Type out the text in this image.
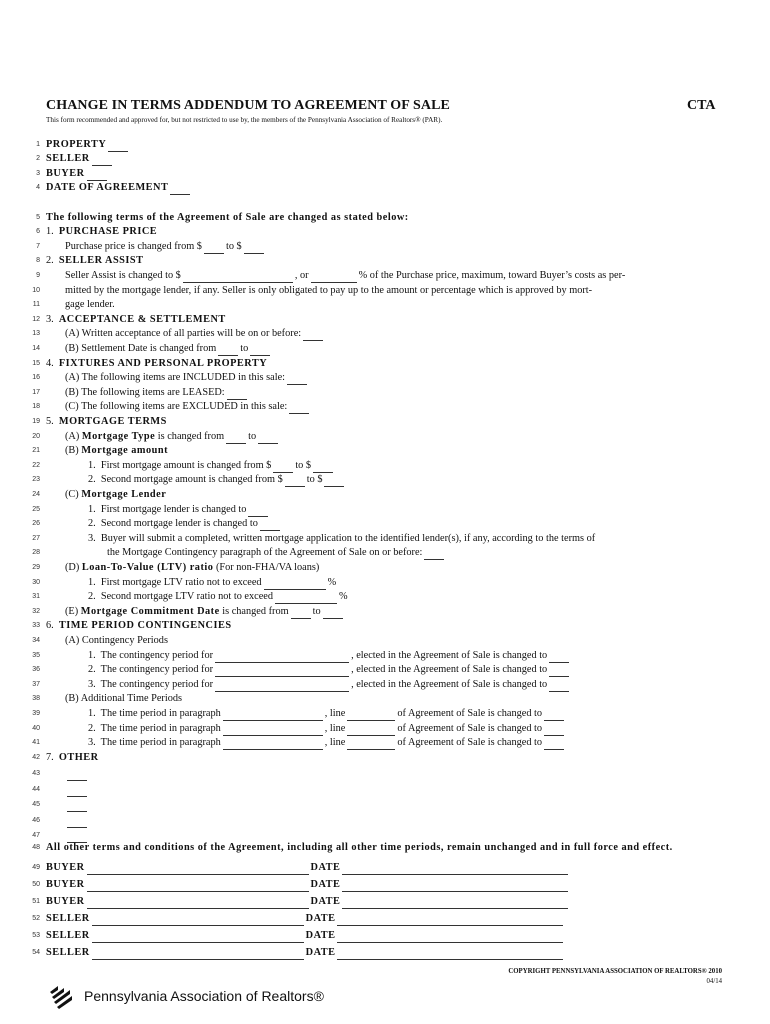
CHANGE IN TERMS ADDENDUM TO AGREEMENT OF SALE	CTA
This form recommended and approved for, but not restricted to use by, the members of the Pennsylvania Association of Realtors® (PAR).
1 PROPERTY
2 SELLER
3 BUYER
4 DATE OF AGREEMENT
5 The following terms of the Agreement of Sale are changed as stated below:
6 1. PURCHASE PRICE
7 Purchase price is changed from $ to $
8 2. SELLER ASSIST
9 Seller Assist is changed to $	, or	% of the Purchase price, maximum, toward Buyer’s costs as per-
10 mitted by the mortgage lender, if any. Seller is only obligated to pay up to the amount or percentage which is approved by mort-
11 gage lender.
12 3. ACCEPTANCE & SETTLEMENT
13 (A) Written acceptance of all parties will be on or before:
14 (B) Settlement Date is changed from to
15 4. FIXTURES AND PERSONAL PROPERTY
16 (A) The following items are INCLUDED in this sale:
17 (B) The following items are LEASED:
18 (C) The following items are EXCLUDED in this sale:
19 5. MORTGAGE TERMS
20 (A) Mortgage Type is changed from to
21 (B) Mortgage amount
22	1.  First mortgage amount is changed from $ to $
23	2.  Second mortgage amount is changed from $ to $
24 (C) Mortgage Lender
25	1.  First mortgage lender is changed to
26	2.  Second mortgage lender is changed to
27	3.  Buyer will submit a completed, written mortgage application to the identified lender(s), if any, according to the terms of
28	the Mortgage Contingency paragraph of the Agreement of Sale on or before:
29 (D) Loan-To-Value (LTV) ratio (For non-FHA/VA loans)
30	1.  First mortgage LTV ratio not to exceed	%
31	2.  Second mortgage LTV ratio not to exceed	%
32 (E) Mortgage Commitment Date is changed from to
33 6. TIME PERIOD CONTINGENCIES
34 (A) Contingency Periods
35	1.  The contingency period for	, elected in the Agreement of Sale is changed to
36	2.  The contingency period for	, elected in the Agreement of Sale is changed to
37	3.  The contingency period for	, elected in the Agreement of Sale is changed to
38 (B) Additional Time Periods
39	1.  The time period in paragraph	, line	of Agreement of Sale is changed to
40	2.  The time period in paragraph	, line	of Agreement of Sale is changed to
41	3.  The time period in paragraph	, line	of Agreement of Sale is changed to
42 7. OTHER
43
44
45
46
47
48 All other terms and conditions of the Agreement, including all other time periods, remain unchanged and in full force and effect.
49 BUYER	DATE
50 BUYER	DATE
51 BUYER	DATE
52 SELLER	DATE
53 SELLER	DATE
54 SELLER	DATE
COPYRIGHT PENNSYLVANIA ASSOCIATION OF REALTORS® 2010
04/14
Pennsylvania Association of Realtors®
